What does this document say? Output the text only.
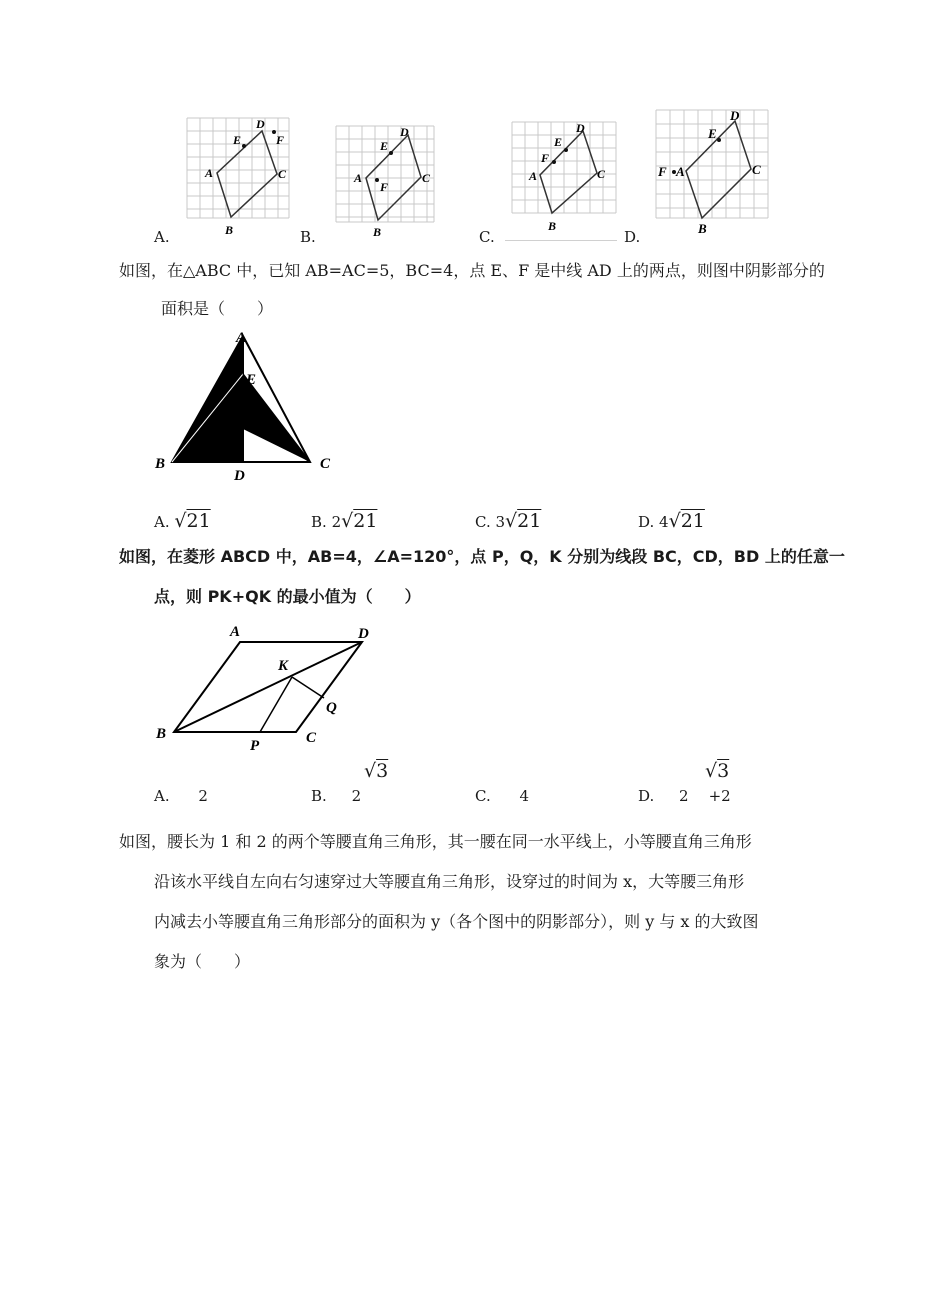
A
B
C
D
E	F
A
B
C
D
E
F
A
B
C
D
E
F
A
B
C
D
E
F
A.	B.	C.	D.
如图，在△ABC 中，已知 AB=AC=5，BC=4，点 E、F 是中线 AD 上的两点，则图中阴影部分的
面积是（　　）
A
B	C
D
E
F
A. √21	B. 2√21	C. 3√21	D. 4√21
如图，在菱形 ABCD 中，AB=4，∠A=120°，点 P，Q，K 分别为线段 BC，CD，BD 上的任意一
点，则 PK+QK 的最小值为（　　）
A	D
B	C
K
P
Q
A. 2	B. 2
√3
C. 4	D. 2 +2
√3
如图，腰长为 1 和 2 的两个等腰直角三角形，其一腰在同一水平线上，小等腰直角三角形
沿该水平线自左向右匀速穿过大等腰直角三角形，设穿过的时间为 x，大等腰三角形
内减去小等腰直角三角形部分的面积为 y（各个图中的阴影部分），则 y 与 x 的大致图
象为（　　）
